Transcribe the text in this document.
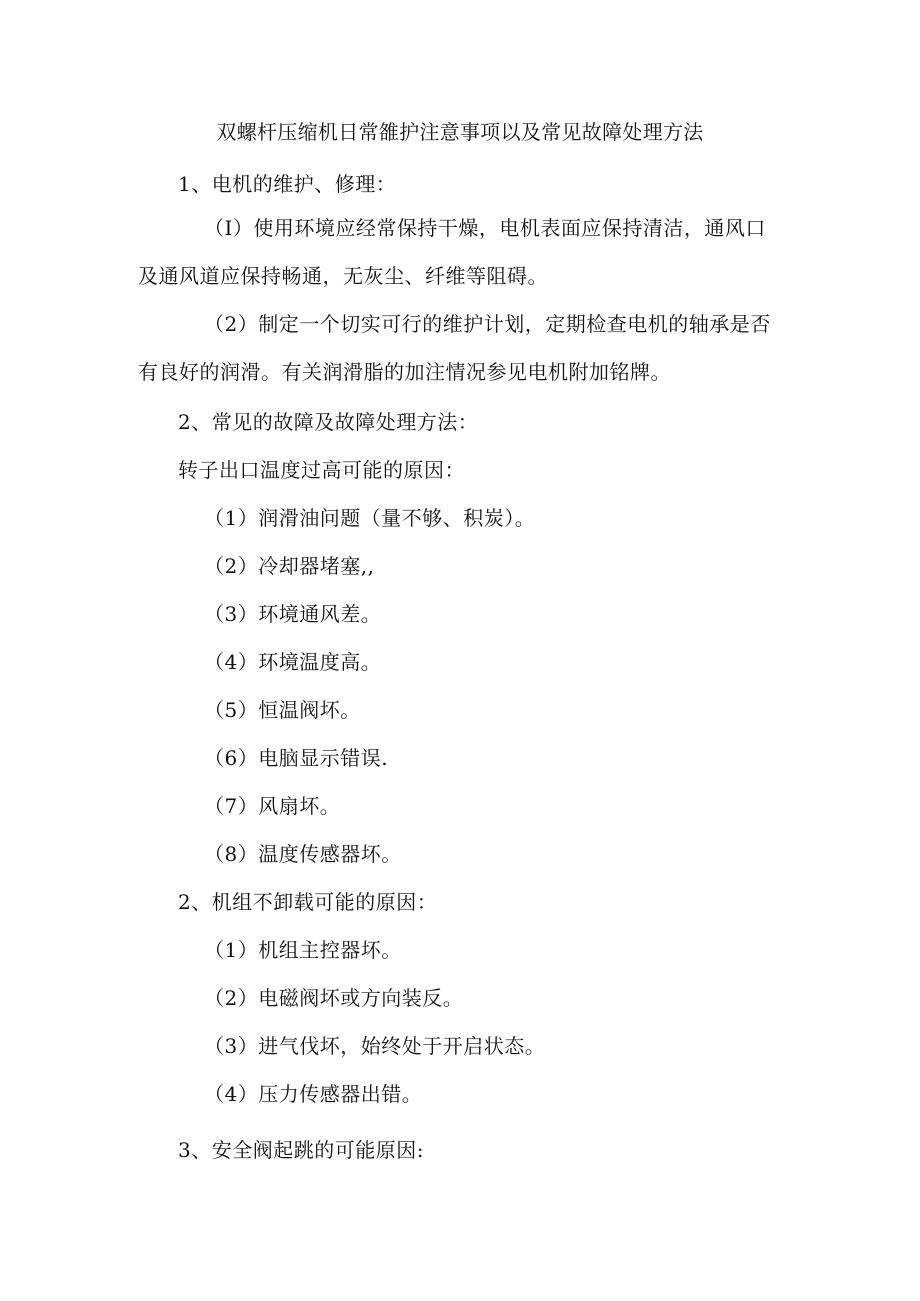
双螺杆压缩机日常雒护注意事项以及常见故障处理方法
1、电机的维护、修理：
（I）使用环境应经常保持干燥，电机表面应保持清洁，通风口
及通风道应保持畅通，无灰尘、纤维等阻碍。
（2）制定一个切实可行的维护计划，定期检查电机的轴承是否
有良好的润滑。有关润滑脂的加注情况参见电机附加铭牌。
2、常见的故障及故障处理方法：
转子出口温度过高可能的原因：
（1）润滑油问题（量不够、积炭）。
（2）冷却器堵塞,,
（3）环境通风差。
（4）环境温度高。
（5）恒温阀坏。
（6）电脑显示错误.
（7）风扇坏。
（8）温度传感器坏。
2、机组不卸载可能的原因：
（1）机组主控器坏。
（2）电磁阀坏或方向装反。
（3）进气伐坏，始终处于开启状态。
（4）压力传感器出错。
3、安全阀起跳的可能原因:
